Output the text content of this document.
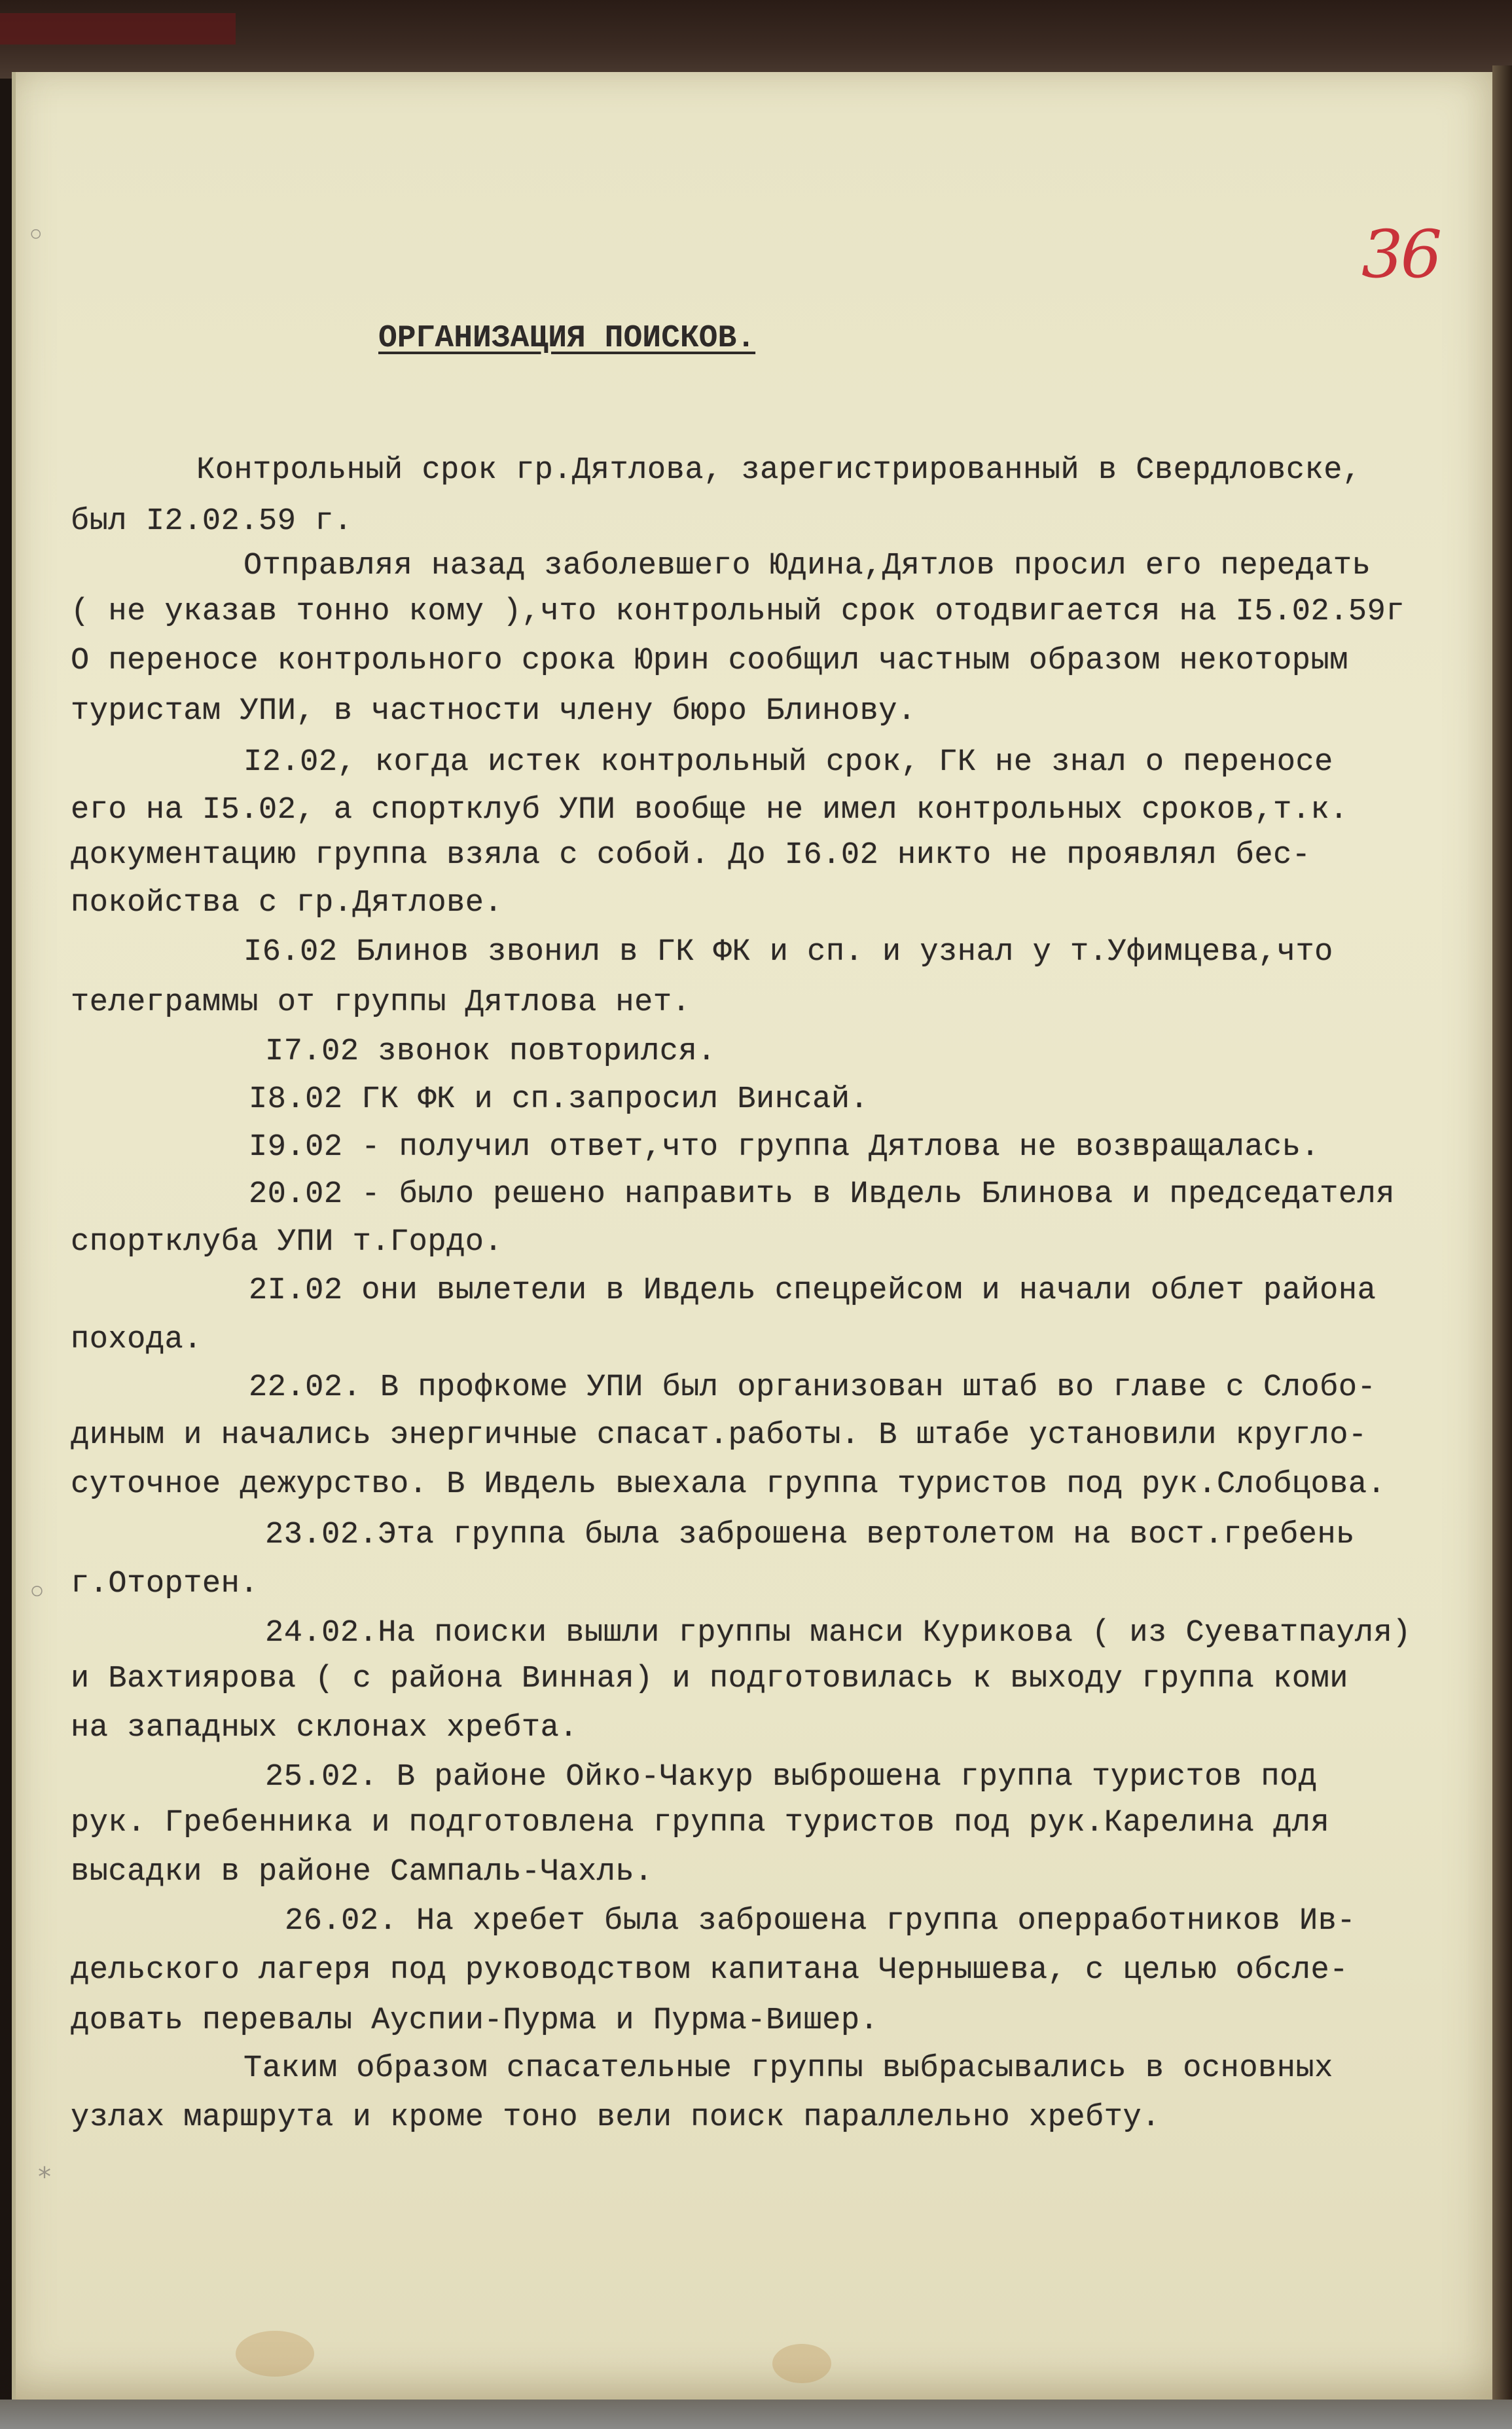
◦
◦
⁎
36
ОРГАНИЗАЦИЯ ПОИСКОВ.
Контрольный срок гр.Дятлова, зарегистрированный в Свердловске,
был I2.02.59 г.
Отправляя назад заболевшего Юдина,Дятлов просил его передать
( не указав тонно кому ),что контрольный срок отодвигается на I5.02.59г
О переносе контрольного срока Юрин сообщил частным образом некоторым
туристам УПИ, в частности члену бюро Блинову.
I2.02, когда истек контрольный срок, ГК не знал о переносе
его на I5.02, а спортклуб УПИ вообще не имел контрольных сроков,т.к.
документацию группа взяла с собой. До I6.02 никто не проявлял бес-
покойства с гр.Дятлове.
I6.02 Блинов звонил в ГК ФК и сп. и узнал у т.Уфимцева,что
телеграммы от группы Дятлова нет.
I7.02 звонок повторился.
I8.02 ГК ФК и сп.запросил Винсай.
I9.02 - получил ответ,что группа Дятлова не возвращалась.
20.02 - было решено направить в Ивдель Блинова и председателя
спортклуба УПИ т.Гордо.
2I.02 они вылетели в Ивдель спецрейсом и начали облет района
похода.
22.02. В профкоме УПИ был организован штаб во главе с Слобо-
диным и начались энергичные спасат.работы. В штабе установили кругло-
суточное дежурство. В Ивдель выехала группа туристов под рук.Слобцова.
23.02.Эта группа была заброшена вертолетом на вост.гребень
г.Отортен.
24.02.На поиски вышли группы манси Курикова ( из Суеватпауля)
и Вахтиярова ( с района Винная) и подготовилась к выходу группа коми
на западных склонах хребта.
25.02. В районе Ойко-Чакур выброшена группа туристов под
рук. Гребенника и подготовлена группа туристов под рук.Карелина для
высадки в районе Сампаль-Чахль.
26.02. На хребет была заброшена группа оперработников Ив-
дельского лагеря под руководством капитана Чернышева, с целью обсле-
довать перевалы Ауспии-Пурма и Пурма-Вишер.
Таким образом спасательные группы выбрасывались в основных
узлах маршрута и кроме тоно вели поиск параллельно хребту.
